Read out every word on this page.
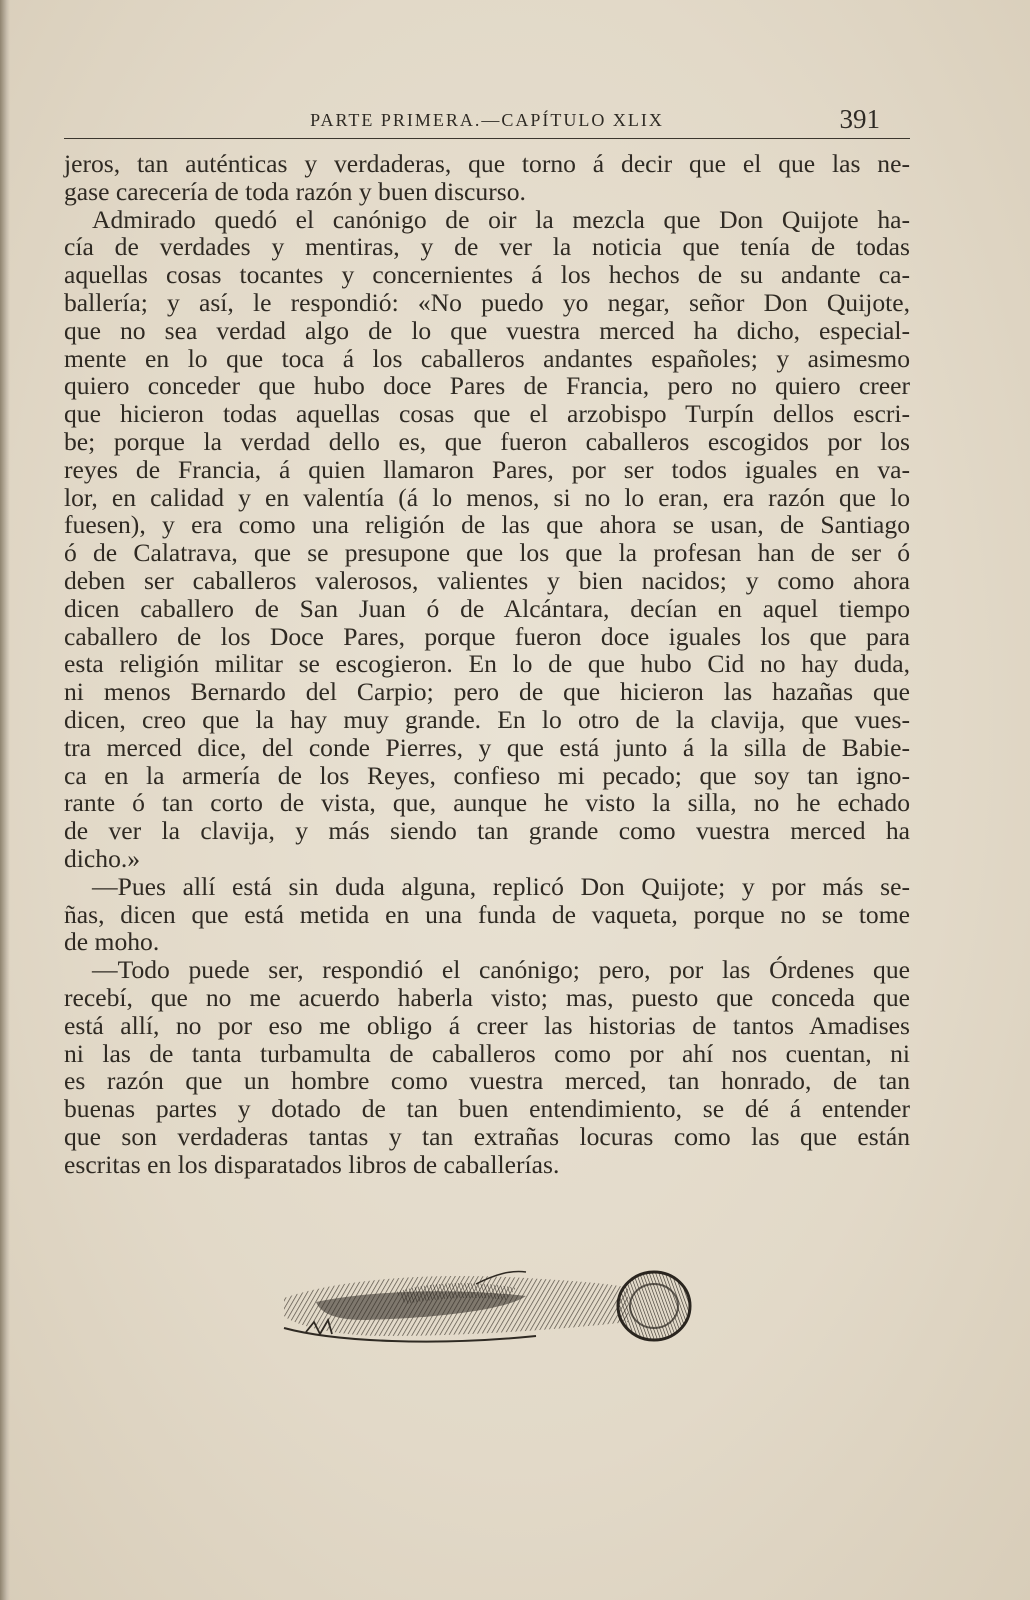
PARTE PRIMERA.—CAPÍTULO XLIX	391
jeros, tan auténticas y verdaderas, que torno á decir que el que las ne-
gase carecería de toda razón y buen discurso.
Admirado quedó el canónigo de oir la mezcla que Don Quijote ha-
cía de verdades y mentiras, y de ver la noticia que tenía de todas
aquellas cosas tocantes y concernientes á los hechos de su andante ca-
ballería; y así, le respondió: «No puedo yo negar, señor Don Quijote,
que no sea verdad algo de lo que vuestra merced ha dicho, especial-
mente en lo que toca á los caballeros andantes españoles; y asimesmo
quiero conceder que hubo doce Pares de Francia, pero no quiero creer
que hicieron todas aquellas cosas que el arzobispo Turpín dellos escri-
be; porque la verdad dello es, que fueron caballeros escogidos por los
reyes de Francia, á quien llamaron Pares, por ser todos iguales en va-
lor, en calidad y en valentía (á lo menos, si no lo eran, era razón que lo
fuesen), y era como una religión de las que ahora se usan, de Santiago
ó de Calatrava, que se presupone que los que la profesan han de ser ó
deben ser caballeros valerosos, valientes y bien nacidos; y como ahora
dicen caballero de San Juan ó de Alcántara, decían en aquel tiempo
caballero de los Doce Pares, porque fueron doce iguales los que para
esta religión militar se escogieron. En lo de que hubo Cid no hay duda,
ni menos Bernardo del Carpio; pero de que hicieron las hazañas que
dicen, creo que la hay muy grande. En lo otro de la clavija, que vues-
tra merced dice, del conde Pierres, y que está junto á la silla de Babie-
ca en la armería de los Reyes, confieso mi pecado; que soy tan igno-
rante ó tan corto de vista, que, aunque he visto la silla, no he echado
de ver la clavija, y más siendo tan grande como vuestra merced ha
dicho.»
—Pues allí está sin duda alguna, replicó Don Quijote; y por más se-
ñas, dicen que está metida en una funda de vaqueta, porque no se tome
de moho.
—Todo puede ser, respondió el canónigo; pero, por las Órdenes que
recebí, que no me acuerdo haberla visto; mas, puesto que conceda que
está allí, no por eso me obligo á creer las historias de tantos Amadises
ni las de tanta turbamulta de caballeros como por ahí nos cuentan, ni
es razón que un hombre como vuestra merced, tan honrado, de tan
buenas partes y dotado de tan buen entendimiento, se dé á entender
que son verdaderas tantas y tan extrañas locuras como las que están
escritas en los disparatados libros de caballerías.
